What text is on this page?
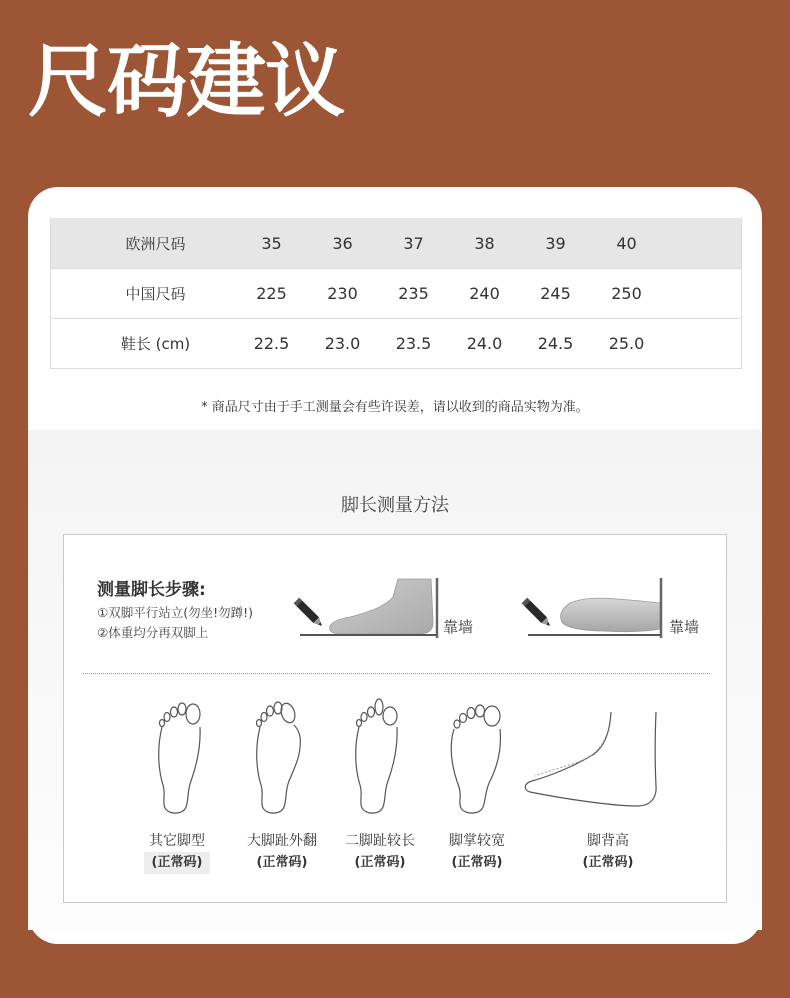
尺码建议
欧洲尺码	35	36	37	38	39	40
中国尺码	225	230	235	240	245	250
鞋长 (cm)	22.5	23.0	23.5	24.0	24.5	25.0
* 商品尺寸由于手工测量会有些许误差，请以收到的商品实物为准。
脚长测量方法
测量脚长步骤:
①双脚平行站立(勿坐!勿蹲!)
②体重均分再双脚上	靠墙	靠墙
其它脚型
(正常码)
大脚趾外翻
(正常码)
二脚趾较长
(正常码)
脚掌较宽
(正常码)
脚背高
(正常码)
